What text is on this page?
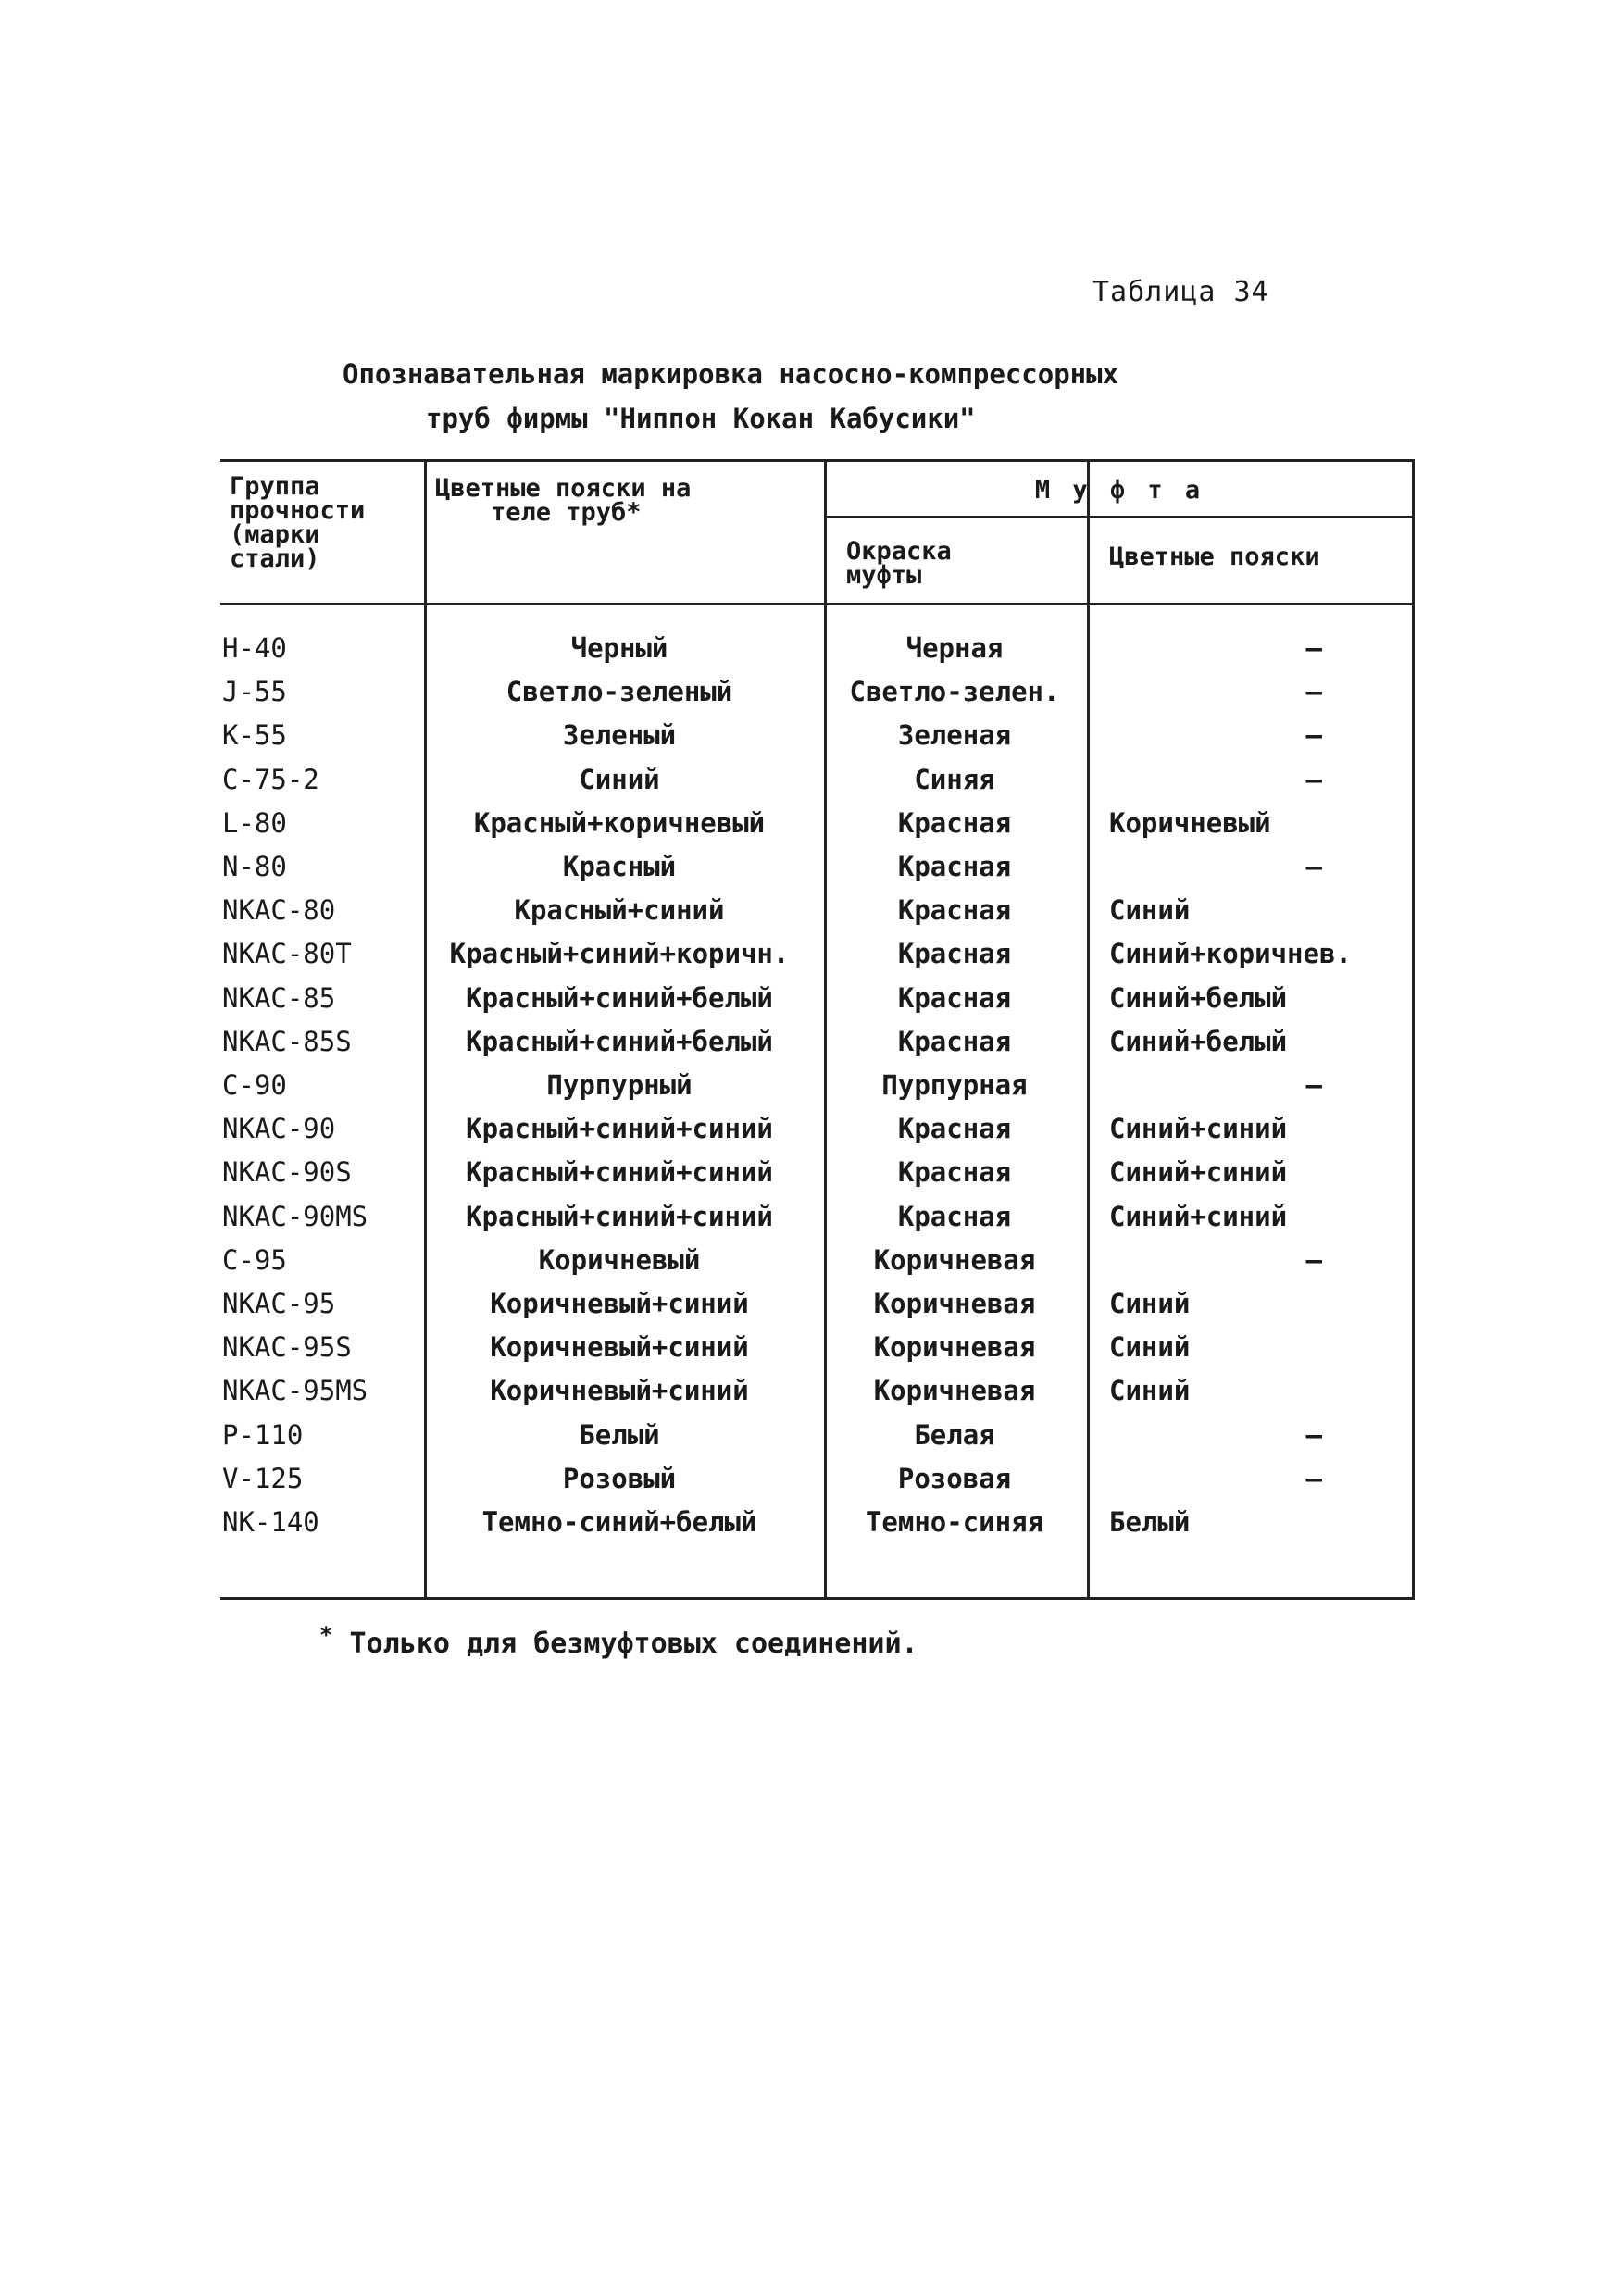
Таблица 34
Опознавательная маркировка насосно-компрессорных
труб фирмы "Ниппон Кокан Кабусики"
Группа
прочности
(марки
стали)
Цветные пояски на
теле труб*
М у ф т а
Окраска
муфты
Цветные пояски
Н-40	Черный	Черная	–
J-55	Светло-зеленый	Светло-зелен.	–
К-55	Зеленый	Зеленая	–
С-75-2	Синий	Синяя	–
L-80	Красный+коричневый	Красная	Коричневый
N-80	Красный	Красная	–
NKAC-80	Красный+синий	Красная	Синий
NKAC-80T	Красный+синий+коричн.	Красная	Синий+коричнев.
NKAC-85	Красный+синий+белый	Красная	Синий+белый
NKAC-85S	Красный+синий+белый	Красная	Синий+белый
С-90	Пурпурный	Пурпурная	–
NKAC-90	Красный+синий+синий	Красная	Синий+синий
NKAC-90S	Красный+синий+синий	Красная	Синий+синий
NKAC-90MS	Красный+синий+синий	Красная	Синий+синий
С-95	Коричневый	Коричневая	–
NKAC-95	Коричневый+синий	Коричневая	Синий
NKAC-95S	Коричневый+синий	Коричневая	Синий
NKAC-95MS	Коричневый+синий	Коричневая	Синий
Р-110	Белый	Белая	–
V-125	Розовый	Розовая	–
NK-140	Темно-синий+белый	Темно-синяя	Белый
* Только для безмуфтовых соединений.
